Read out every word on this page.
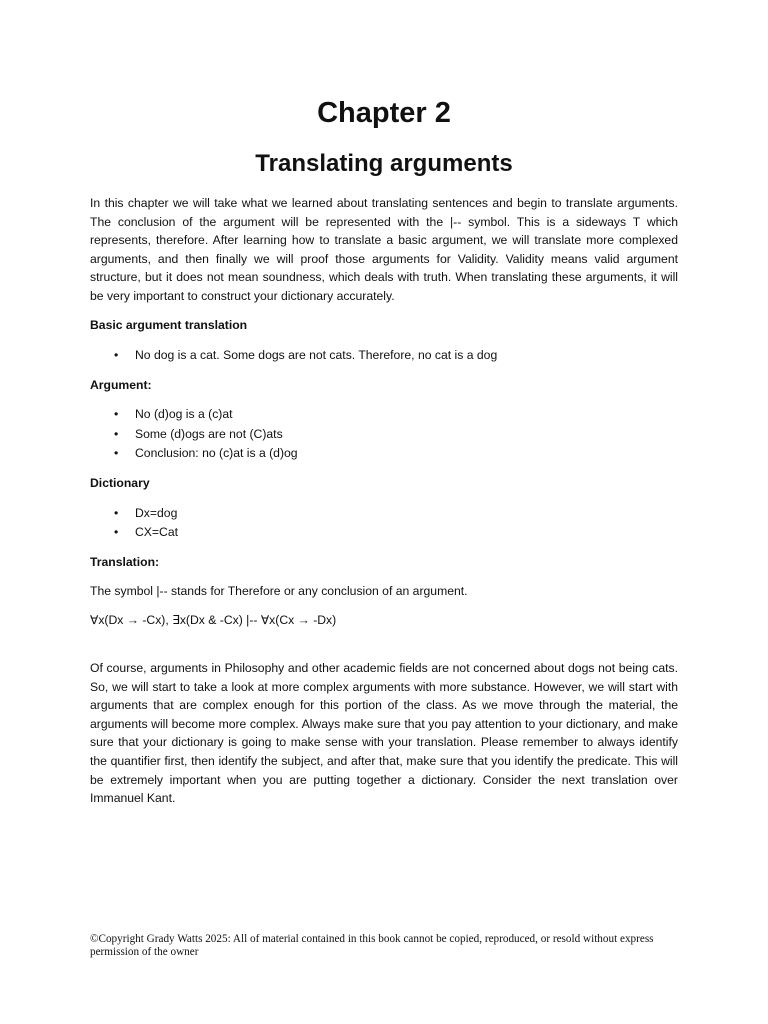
Chapter 2
Translating arguments

In this chapter we will take what we learned about translating sentences and begin to translate arguments. The conclusion of the argument will be represented with the |-- symbol. This is a sideways T which represents, therefore. After learning how to translate a basic argument, we will translate more complexed arguments, and then finally we will proof those arguments for Validity. Validity means valid argument structure, but it does not mean soundness, which deals with truth. When translating these arguments, it will be very important to construct your dictionary accurately.

Basic argument translation

• No dog is a cat. Some dogs are not cats. Therefore, no cat is a dog

Argument:

• No (d)og is a (c)at
• Some (d)ogs are not (C)ats
• Conclusion: no (c)at is a (d)og

Dictionary

• Dx=dog
• CX=Cat

Translation:

The symbol |-- stands for Therefore or any conclusion of an argument.

∀x(Dx → -Cx), ∃x(Dx & -Cx) |-- ∀x(Cx → -Dx)

Of course, arguments in Philosophy and other academic fields are not concerned about dogs not being cats. So, we will start to take a look at more complex arguments with more substance. However, we will start with arguments that are complex enough for this portion of the class. As we move through the material, the arguments will become more complex. Always make sure that you pay attention to your dictionary, and make sure that your dictionary is going to make sense with your translation. Please remember to always identify the quantifier first, then identify the subject, and after that, make sure that you identify the predicate. This will be extremely important when you are putting together a dictionary. Consider the next translation over Immanuel Kant.

©Copyright Grady Watts 2025: All of material contained in this book cannot be copied, reproduced, or resold without express permission of the owner
